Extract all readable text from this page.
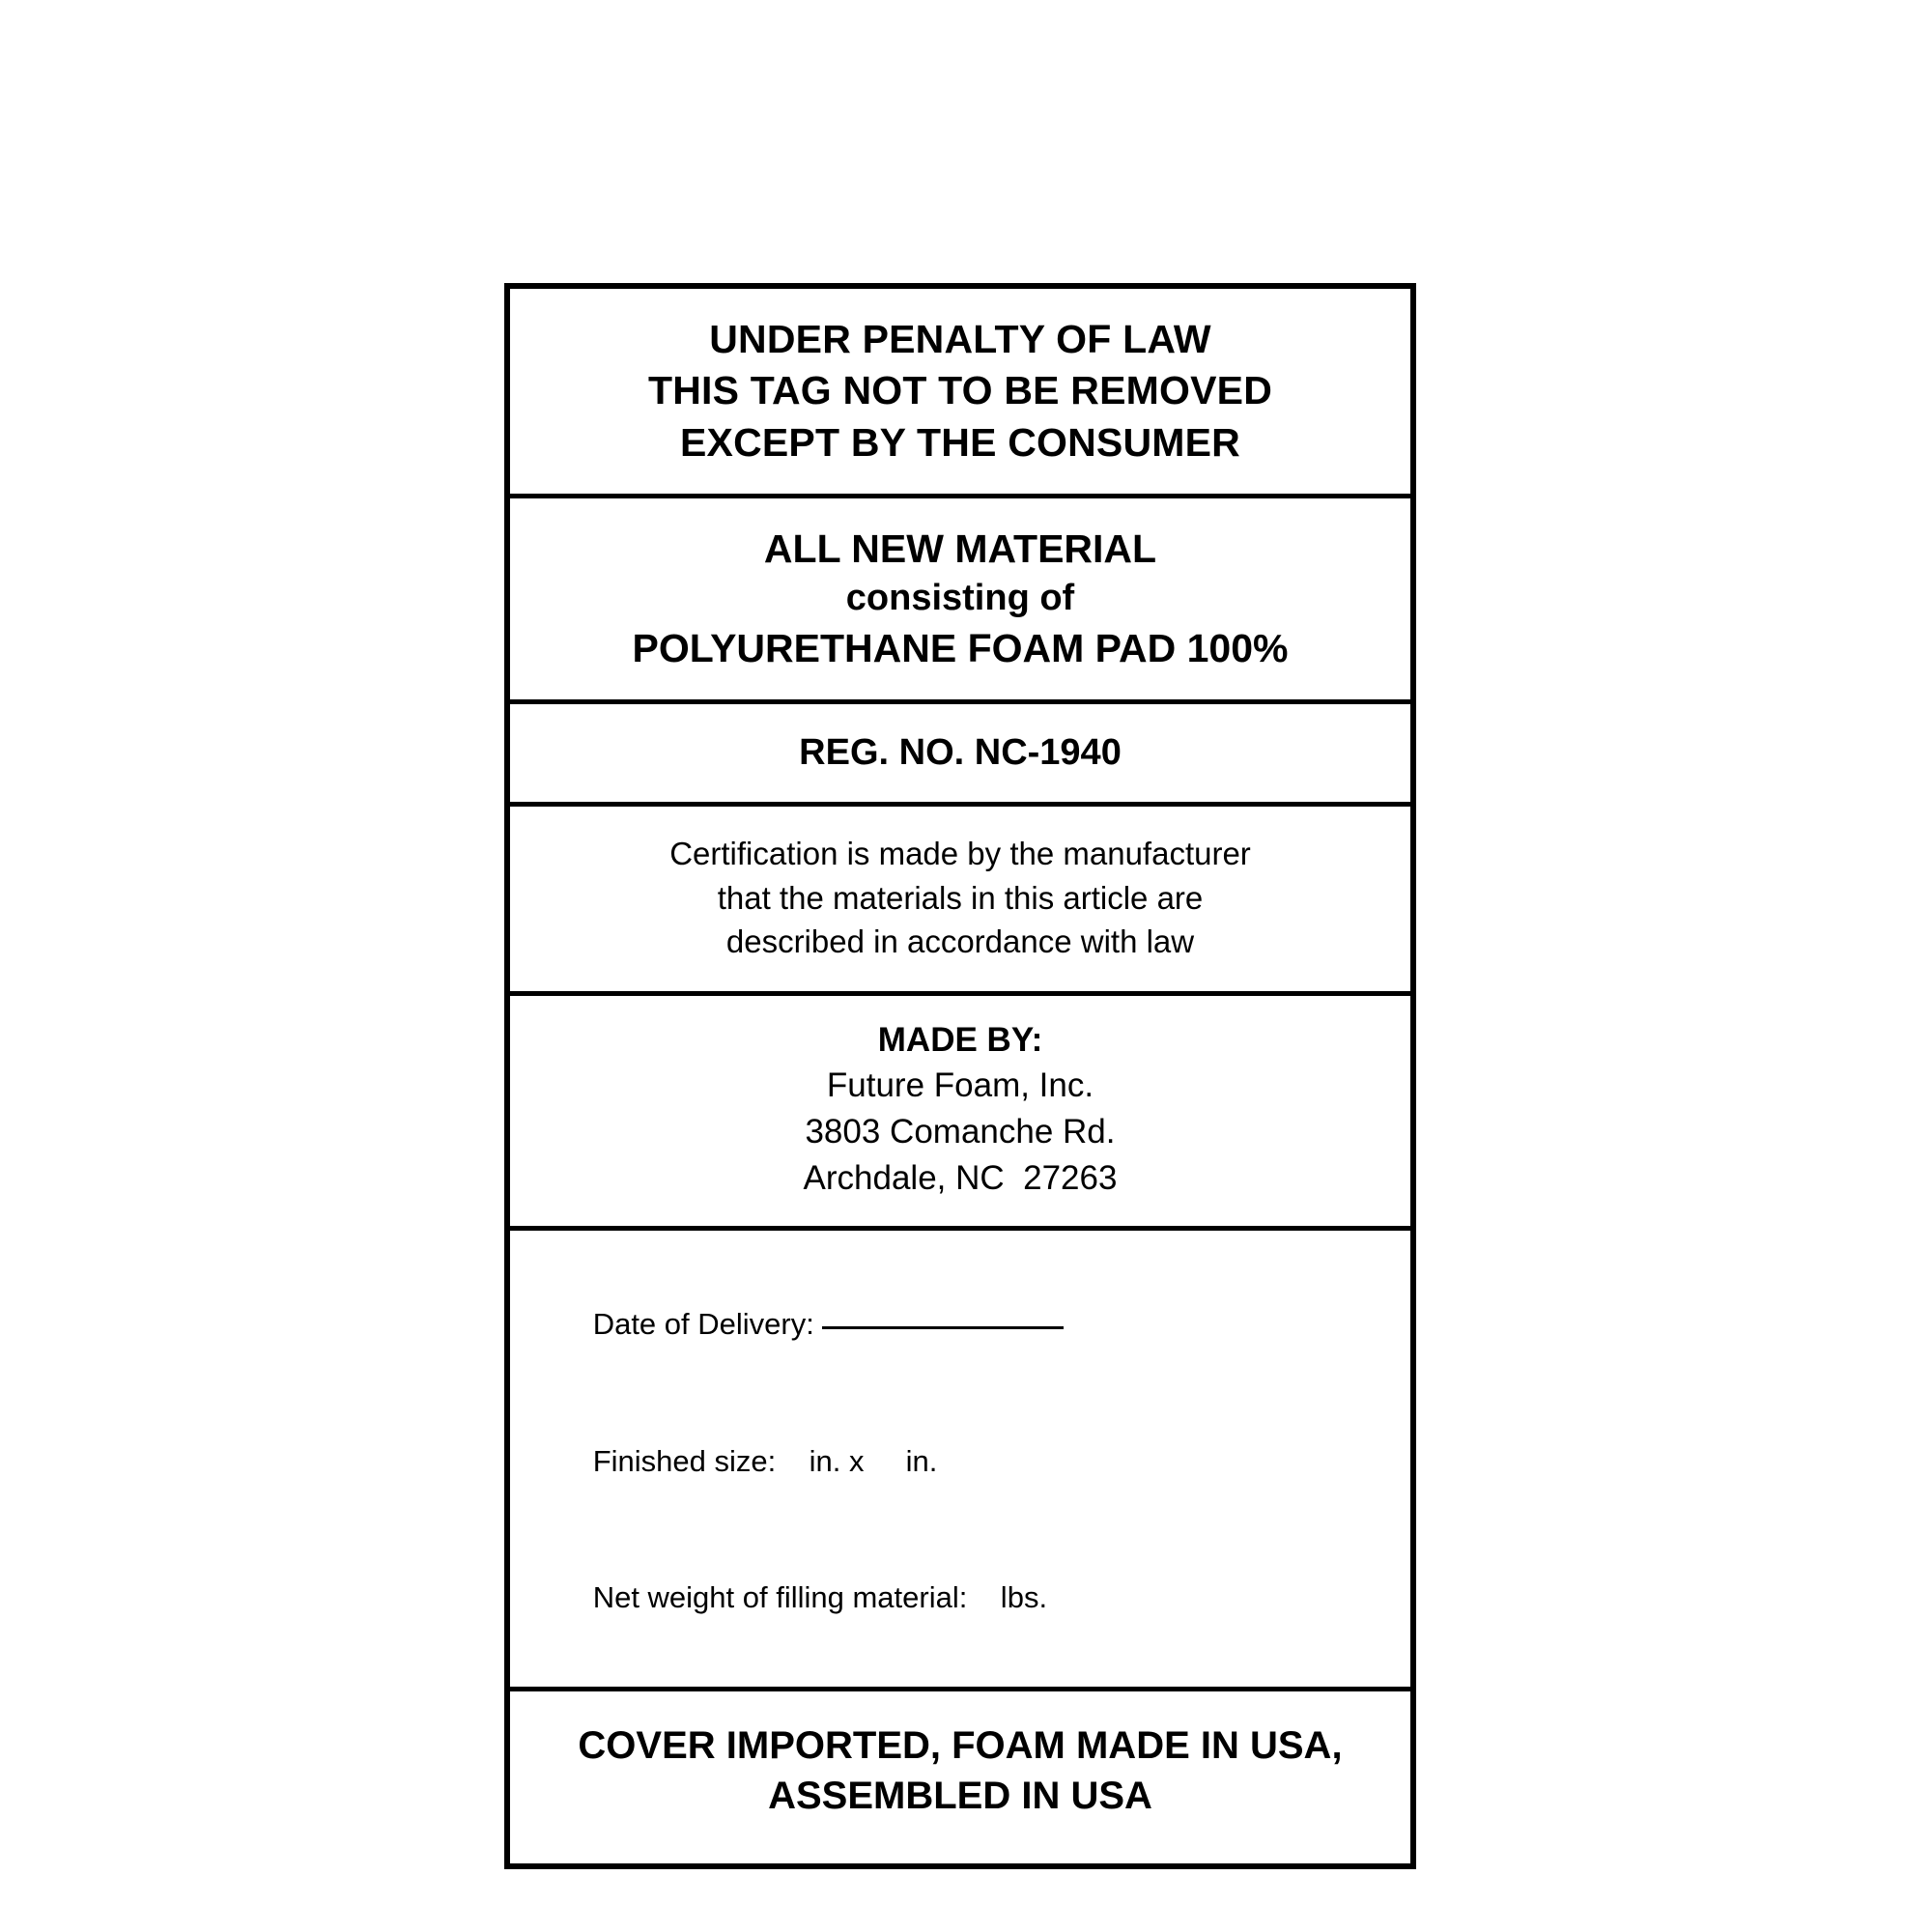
UNDER PENALTY OF LAW
THIS TAG NOT TO BE REMOVED
EXCEPT BY THE CONSUMER
ALL NEW MATERIAL
consisting of
POLYURETHANE FOAM PAD 100%
REG. NO. NC-1940
Certification is made by the manufacturer
that the materials in this article are
described in accordance with law
MADE BY:
Future Foam, Inc.
3803 Comanche Rd.
Archdale, NC  27263

Date of Delivery:

Finished size:    in. x     in.

Net weight of filling material:    lbs.

COVER IMPORTED, FOAM MADE IN USA,
ASSEMBLED IN USA
